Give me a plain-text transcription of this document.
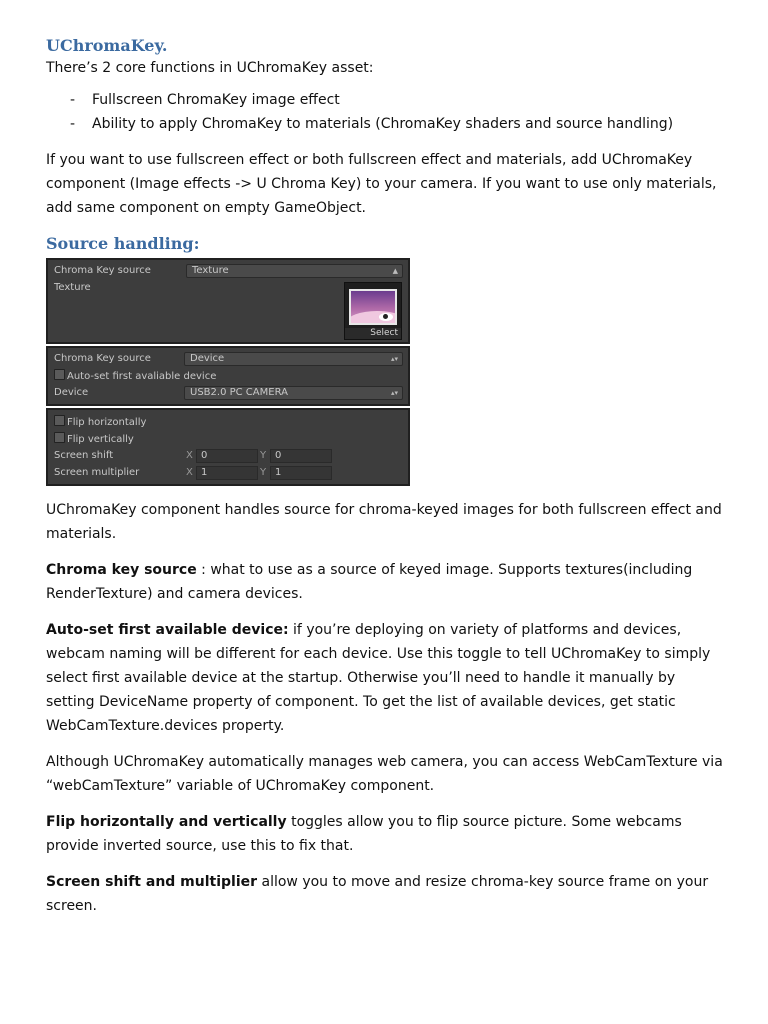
UChromaKey.

There’s 2 core functions in UChromaKey asset:

- Fullscreen ChromaKey image effect
- Ability to apply ChromaKey to materials (ChromaKey shaders and source handling)

If you want to use fullscreen effect or both fullscreen effect and materials, add UChromaKey component (Image effects -> U Chroma Key) to your camera. If you want to use only materials, add same component on empty GameObject.

Source handling:
Chroma Key source	Texture	▲

Texture
Select
Chroma Key source	Device	▴▾
Auto-set first avaliable device
Device	USB2.0 PC CAMERA	▴▾
Flip horizontally
Flip vertically
Screen shift	X 0	Y 0
Screen multiplier	X 1	Y 1

UChromaKey component handles source for chroma-keyed images for both fullscreen effect and materials.

Chroma key source : what to use as a source of keyed image. Supports textures(including RenderTexture) and camera devices.

Auto-set first available device: if you’re deploying on variety of platforms and devices, webcam naming will be different for each device. Use this toggle to tell UChromaKey to simply select first available device at the startup. Otherwise you’ll need to handle it manually by setting DeviceName property of component. To get the list of available devices, get static WebCamTexture.devices property.

Although UChromaKey automatically manages web camera, you can access WebCamTexture via “webCamTexture” variable of UChromaKey component.

Flip horizontally and vertically toggles allow you to flip source picture. Some webcams provide inverted source, use this to fix that.

Screen shift and multiplier allow you to move and resize chroma-key source frame on your screen.
